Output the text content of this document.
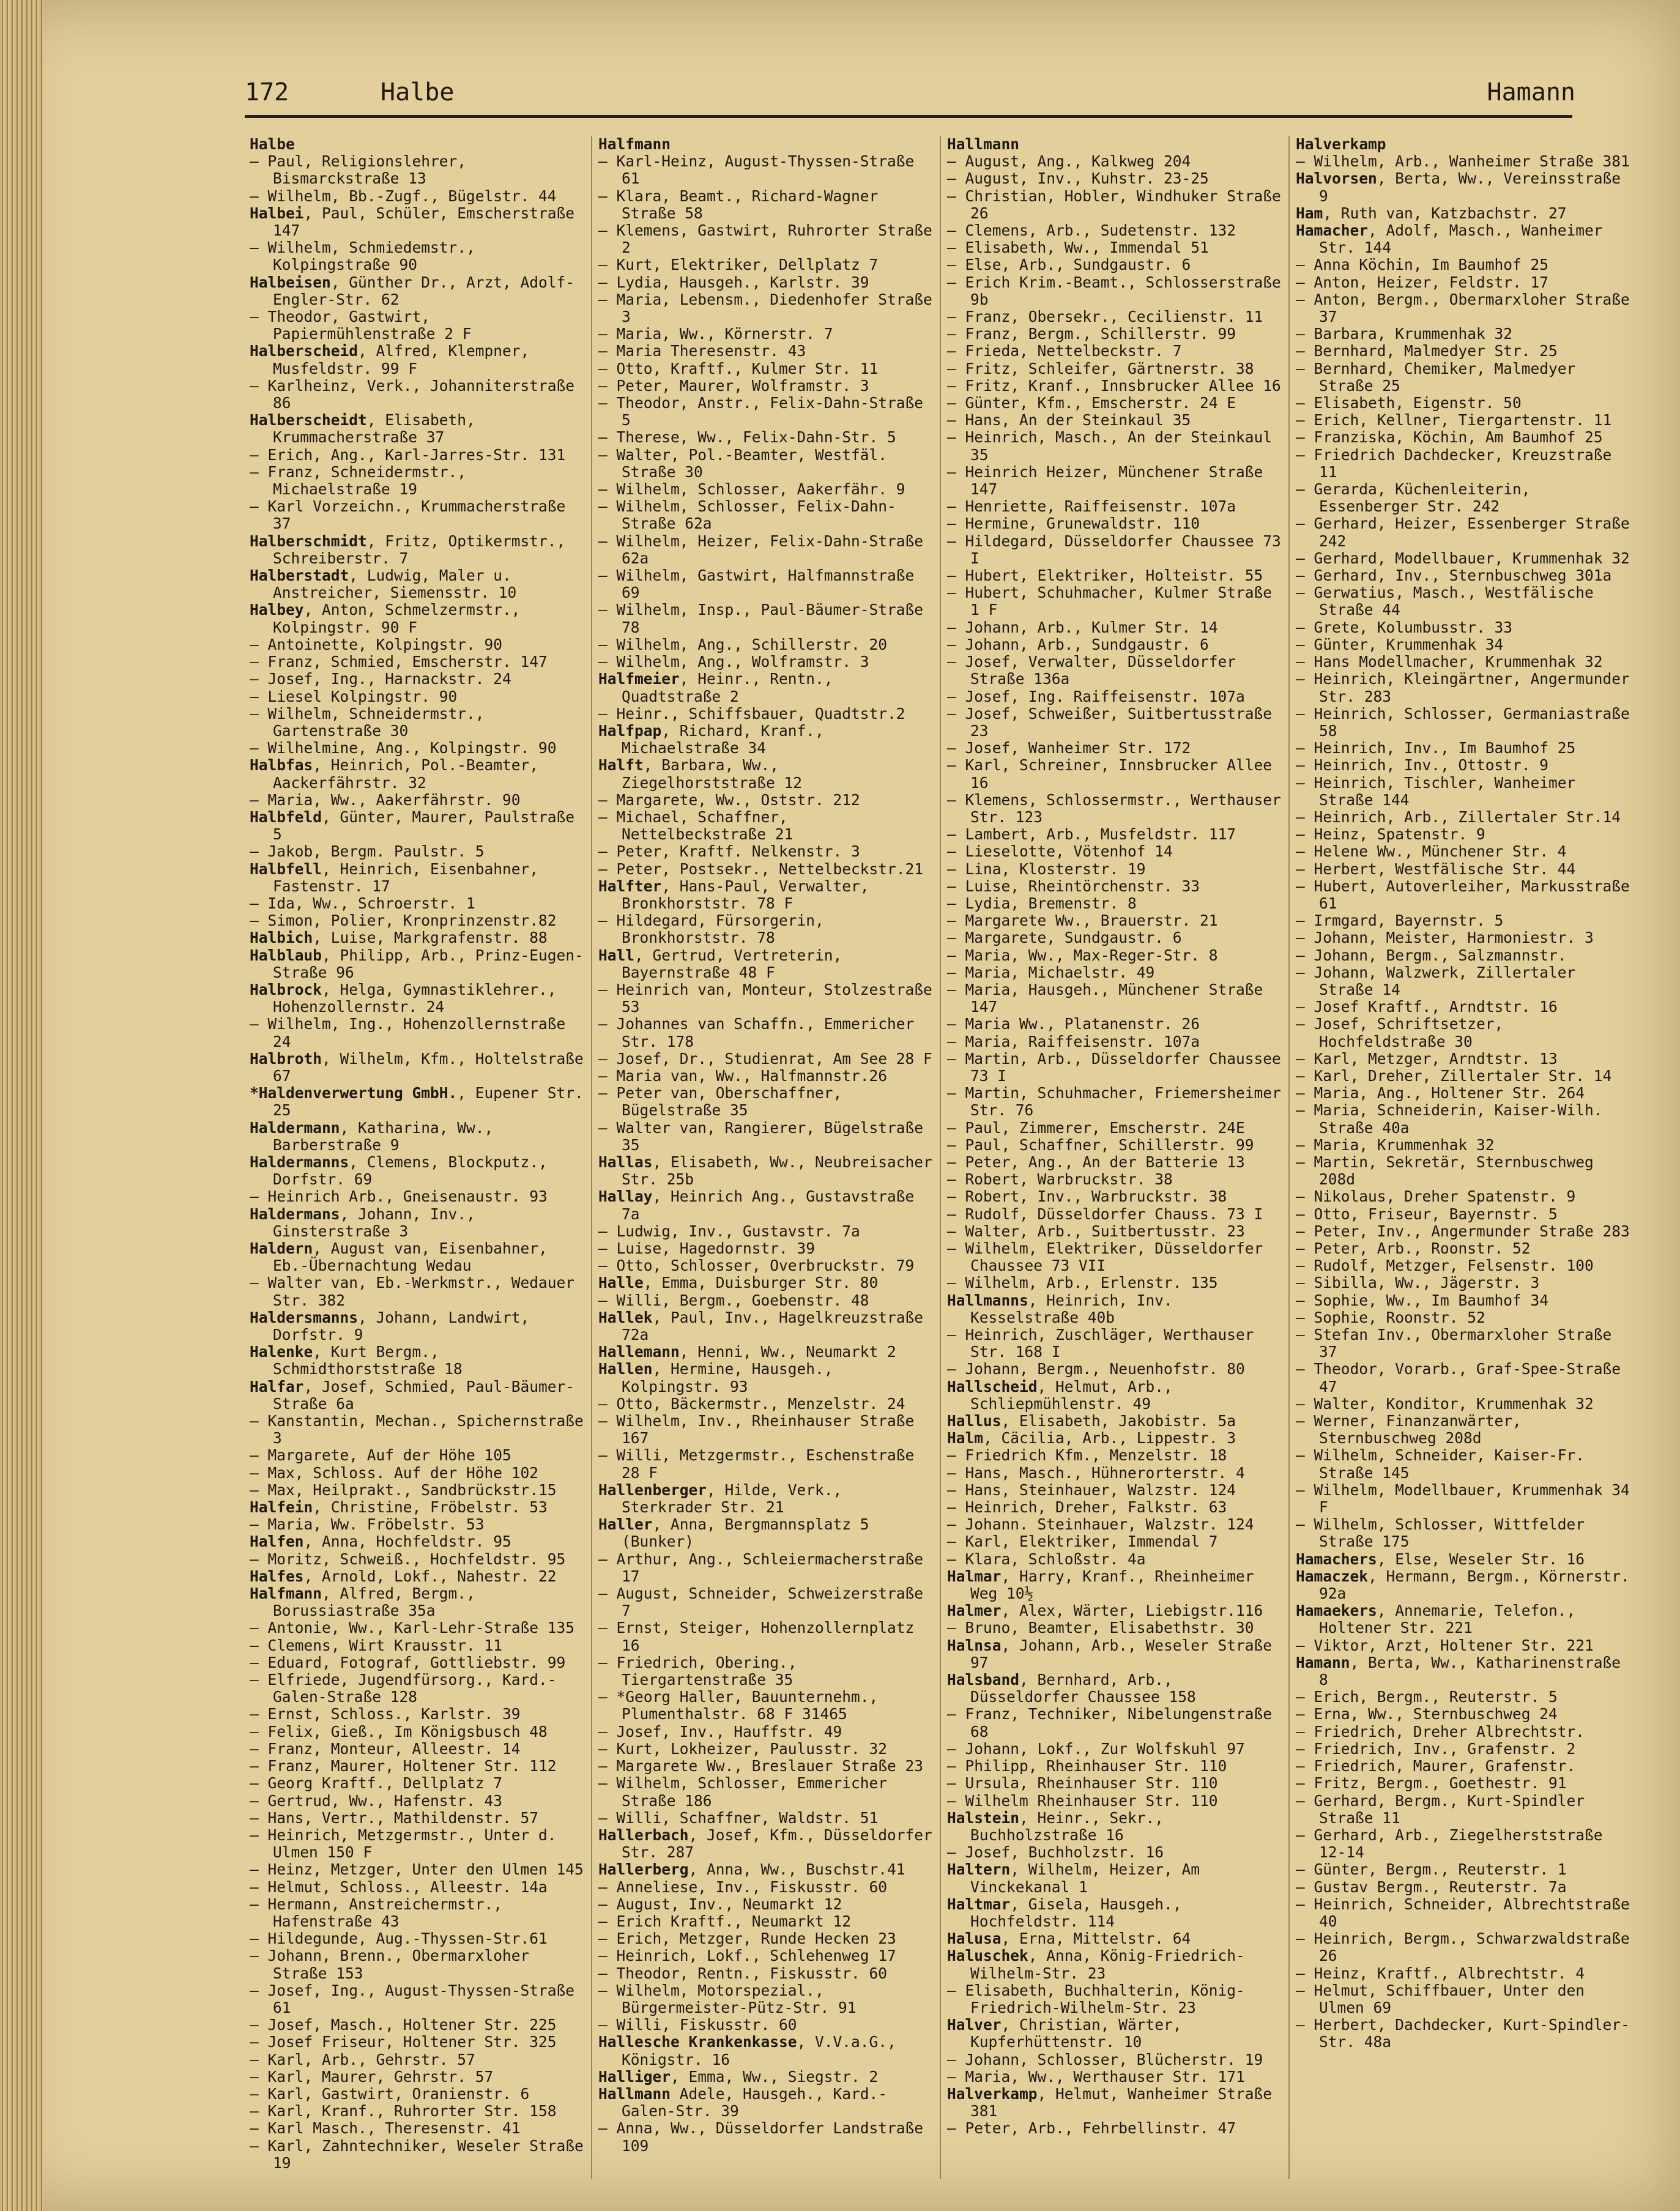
172	Halbe	Hamann
Halbe
— Paul, Religionslehrer, Bismarckstraße 13
— Wilhelm, Bb.-Zugf., Bügelstr. 44
Halbei, Paul, Schüler, Emscherstraße 147
— Wilhelm, Schmiedemstr., Kolpingstraße 90
Halbeisen, Günther Dr., Arzt, Adolf-Engler-Str. 62
— Theodor, Gastwirt, Papiermühlenstraße 2 F
Halberscheid, Alfred, Klempner, Musfeldstr. 99 F
— Karlheinz, Verk., Johanniterstraße 86
Halberscheidt, Elisabeth, Krummacherstraße 37
— Erich, Ang., Karl-Jarres-Str. 131
— Franz, Schneidermstr., Michaelstraße 19
— Karl Vorzeichn., Krummacherstraße 37
Halberschmidt, Fritz, Optikermstr., Schreiberstr. 7
Halberstadt, Ludwig, Maler u. Anstreicher, Siemensstr. 10
Halbey, Anton, Schmelzermstr., Kolpingstr. 90 F
— Antoinette, Kolpingstr. 90
— Franz, Schmied, Emscherstr. 147
— Josef, Ing., Harnackstr. 24
— Liesel Kolpingstr. 90
— Wilhelm, Schneidermstr., Gartenstraße 30
— Wilhelmine, Ang., Kolpingstr. 90
Halbfas, Heinrich, Pol.-Beamter, Aackerfährstr. 32
— Maria, Ww., Aakerfährstr. 90
Halbfeld, Günter, Maurer, Paulstraße 5
— Jakob, Bergm. Paulstr. 5
Halbfell, Heinrich, Eisenbahner, Fastenstr. 17
— Ida, Ww., Schroerstr. 1
— Simon, Polier, Kronprinzenstr.82
Halbich, Luise, Markgrafenstr. 88
Halblaub, Philipp, Arb., Prinz-Eugen-Straße 96
Halbrock, Helga, Gymnastiklehrer., Hohenzollernstr. 24
— Wilhelm, Ing., Hohenzollernstraße 24
Halbroth, Wilhelm, Kfm., Holtelstraße 67
*Haldenverwertung GmbH., Eupener Str. 25
Haldermann, Katharina, Ww., Barberstraße 9
Haldermanns, Clemens, Blockputz., Dorfstr. 69
— Heinrich Arb., Gneisenaustr. 93
Haldermans, Johann, Inv., Ginsterstraße 3
Haldern, August van, Eisenbahner, Eb.-Übernachtung Wedau
— Walter van, Eb.-Werkmstr., Wedauer Str. 382
Haldersmanns, Johann, Landwirt, Dorfstr. 9
Halenke, Kurt Bergm., Schmidthorststraße 18
Halfar, Josef, Schmied, Paul-Bäumer-Straße 6a
— Kanstantin, Mechan., Spichernstraße 3
— Margarete, Auf der Höhe 105
— Max, Schloss. Auf der Höhe 102
— Max, Heilprakt., Sandbrückstr.15
Halfein, Christine, Fröbelstr. 53
— Maria, Ww. Fröbelstr. 53
Halfen, Anna, Hochfeldstr. 95
— Moritz, Schweiß., Hochfeldstr. 95
Halfes, Arnold, Lokf., Nahestr. 22
Halfmann, Alfred, Bergm., Borussiastraße 35a
— Antonie, Ww., Karl-Lehr-Straße 135
— Clemens, Wirt Krausstr. 11
— Eduard, Fotograf, Gottliebstr. 99
— Elfriede, Jugendfürsorg., Kard.-Galen-Straße 128
— Ernst, Schloss., Karlstr. 39
— Felix, Gieß., Im Königsbusch 48
— Franz, Monteur, Alleestr. 14
— Franz, Maurer, Holtener Str. 112
— Georg Kraftf., Dellplatz 7
— Gertrud, Ww., Hafenstr. 43
— Hans, Vertr., Mathildenstr. 57
— Heinrich, Metzgermstr., Unter d. Ulmen 150 F
— Heinz, Metzger, Unter den Ulmen 145
— Helmut, Schloss., Alleestr. 14a
— Hermann, Anstreichermstr., Hafenstraße 43
— Hildegunde, Aug.-Thyssen-Str.61
— Johann, Brenn., Obermarxloher Straße 153
— Josef, Ing., August-Thyssen-Straße 61
— Josef, Masch., Holtener Str. 225
— Josef Friseur, Holtener Str. 325
— Karl, Arb., Gehrstr. 57
— Karl, Maurer, Gehrstr. 57
— Karl, Gastwirt, Oranienstr. 6
— Karl, Kranf., Ruhrorter Str. 158
— Karl Masch., Theresenstr. 41
— Karl, Zahntechniker, Weseler Straße 19
Halfmann
— Karl-Heinz, August-Thyssen-Straße 61
— Klara, Beamt., Richard-Wagner Straße 58
— Klemens, Gastwirt, Ruhrorter Straße 2
— Kurt, Elektriker, Dellplatz 7
— Lydia, Hausgeh., Karlstr. 39
— Maria, Lebensm., Diedenhofer Straße 3
— Maria, Ww., Körnerstr. 7
— Maria Theresenstr. 43
— Otto, Kraftf., Kulmer Str. 11
— Peter, Maurer, Wolframstr. 3
— Theodor, Anstr., Felix-Dahn-Straße 5
— Therese, Ww., Felix-Dahn-Str. 5
— Walter, Pol.-Beamter, Westfäl. Straße 30
— Wilhelm, Schlosser, Aakerfähr. 9
— Wilhelm, Schlosser, Felix-Dahn-Straße 62a
— Wilhelm, Heizer, Felix-Dahn-Straße 62a
— Wilhelm, Gastwirt, Halfmannstraße 69
— Wilhelm, Insp., Paul-Bäumer-Straße 78
— Wilhelm, Ang., Schillerstr. 20
— Wilhelm, Ang., Wolframstr. 3
Halfmeier, Heinr., Rentn., Quadtstraße 2
— Heinr., Schiffsbauer, Quadtstr.2
Halfpap, Richard, Kranf., Michaelstraße 34
Halft, Barbara, Ww., Ziegelhorststraße 12
— Margarete, Ww., Oststr. 212
— Michael, Schaffner, Nettelbeckstraße 21
— Peter, Kraftf. Nelkenstr. 3
— Peter, Postsekr., Nettelbeckstr.21
Halfter, Hans-Paul, Verwalter, Bronkhorststr. 78 F
— Hildegard, Fürsorgerin, Bronkhorststr. 78
Hall, Gertrud, Vertreterin, Bayernstraße 48 F
— Heinrich van, Monteur, Stolzestraße 53
— Johannes van Schaffn., Emmericher Str. 178
— Josef, Dr., Studienrat, Am See 28 F
— Maria van, Ww., Halfmannstr.26
— Peter van, Oberschaffner, Bügelstraße 35
— Walter van, Rangierer, Bügelstraße 35
Hallas, Elisabeth, Ww., Neubreisacher Str. 25b
Hallay, Heinrich Ang., Gustavstraße 7a
— Ludwig, Inv., Gustavstr. 7a
— Luise, Hagedornstr. 39
— Otto, Schlosser, Overbruckstr. 79
Halle, Emma, Duisburger Str. 80
— Willi, Bergm., Goebenstr. 48
Hallek, Paul, Inv., Hagelkreuzstraße 72a
Hallemann, Henni, Ww., Neumarkt 2
Hallen, Hermine, Hausgeh., Kolpingstr. 93
— Otto, Bäckermstr., Menzelstr. 24
— Wilhelm, Inv., Rheinhauser Straße 167
— Willi, Metzgermstr., Eschenstraße 28 F
Hallenberger, Hilde, Verk., Sterkrader Str. 21
Haller, Anna, Bergmannsplatz 5 (Bunker)
— Arthur, Ang., Schleiermacherstraße 17
— August, Schneider, Schweizerstraße 7
— Ernst, Steiger, Hohenzollernplatz 16
— Friedrich, Obering., Tiergartenstraße 35
— *Georg Haller, Bauunternehm., Plumenthalstr. 68 F 31465
— Josef, Inv., Hauffstr. 49
— Kurt, Lokheizer, Paulusstr. 32
— Margarete Ww., Breslauer Straße 23
— Wilhelm, Schlosser, Emmericher Straße 186
— Willi, Schaffner, Waldstr. 51
Hallerbach, Josef, Kfm., Düsseldorfer Str. 287
Hallerberg, Anna, Ww., Buschstr.41
— Anneliese, Inv., Fiskusstr. 60
— August, Inv., Neumarkt 12
— Erich Kraftf., Neumarkt 12
— Erich, Metzger, Runde Hecken 23
— Heinrich, Lokf., Schlehenweg 17
— Theodor, Rentn., Fiskusstr. 60
— Wilhelm, Motorspezial., Bürgermeister-Pütz-Str. 91
— Willi, Fiskusstr. 60
Hallesche Krankenkasse, V.V.a.G., Königstr. 16
Halliger, Emma, Ww., Siegstr. 2
Hallmann Adele, Hausgeh., Kard.-Galen-Str. 39
— Anna, Ww., Düsseldorfer Landstraße 109
Hallmann
— August, Ang., Kalkweg 204
— August, Inv., Kuhstr. 23-25
— Christian, Hobler, Windhuker Straße 26
— Clemens, Arb., Sudetenstr. 132
— Elisabeth, Ww., Immendal 51
— Else, Arb., Sundgaustr. 6
— Erich Krim.-Beamt., Schlosserstraße 9b
— Franz, Obersekr., Cecilienstr. 11
— Franz, Bergm., Schillerstr. 99
— Frieda, Nettelbeckstr. 7
— Fritz, Schleifer, Gärtnerstr. 38
— Fritz, Kranf., Innsbrucker Allee 16
— Günter, Kfm., Emscherstr. 24 E
— Hans, An der Steinkaul 35
— Heinrich, Masch., An der Steinkaul 35
— Heinrich Heizer, Münchener Straße 147
— Henriette, Raiffeisenstr. 107a
— Hermine, Grunewaldstr. 110
— Hildegard, Düsseldorfer Chaussee 73 I
— Hubert, Elektriker, Holteistr. 55
— Hubert, Schuhmacher, Kulmer Straße 1 F
— Johann, Arb., Kulmer Str. 14
— Johann, Arb., Sundgaustr. 6
— Josef, Verwalter, Düsseldorfer Straße 136a
— Josef, Ing. Raiffeisenstr. 107a
— Josef, Schweißer, Suitbertusstraße 23
— Josef, Wanheimer Str. 172
— Karl, Schreiner, Innsbrucker Allee 16
— Klemens, Schlossermstr., Werthauser Str. 123
— Lambert, Arb., Musfeldstr. 117
— Lieselotte, Vötenhof 14
— Lina, Klosterstr. 19
— Luise, Rheintörchenstr. 33
— Lydia, Bremenstr. 8
— Margarete Ww., Brauerstr. 21
— Margarete, Sundgaustr. 6
— Maria, Ww., Max-Reger-Str. 8
— Maria, Michaelstr. 49
— Maria, Hausgeh., Münchener Straße 147
— Maria Ww., Platanenstr. 26
— Maria, Raiffeisenstr. 107a
— Martin, Arb., Düsseldorfer Chaussee 73 I
— Martin, Schuhmacher, Friemersheimer Str. 76
— Paul, Zimmerer, Emscherstr. 24E
— Paul, Schaffner, Schillerstr. 99
— Peter, Ang., An der Batterie 13
— Robert, Warbruckstr. 38
— Robert, Inv., Warbruckstr. 38
— Rudolf, Düsseldorfer Chauss. 73 I
— Walter, Arb., Suitbertusstr. 23
— Wilhelm, Elektriker, Düsseldorfer Chaussee 73 VII
— Wilhelm, Arb., Erlenstr. 135
Hallmanns, Heinrich, Inv. Kesselstraße 40b
— Heinrich, Zuschläger, Werthauser Str. 168 I
— Johann, Bergm., Neuenhofstr. 80
Hallscheid, Helmut, Arb., Schliepmühlenstr. 49
Hallus, Elisabeth, Jakobistr. 5a
Halm, Cäcilia, Arb., Lippestr. 3
— Friedrich Kfm., Menzelstr. 18
— Hans, Masch., Hühnerorterstr. 4
— Hans, Steinhauer, Walzstr. 124
— Heinrich, Dreher, Falkstr. 63
— Johann. Steinhauer, Walzstr. 124
— Karl, Elektriker, Immendal 7
— Klara, Schloßstr. 4a
Halmar, Harry, Kranf., Rheinheimer Weg 10½
Halmer, Alex, Wärter, Liebigstr.116
— Bruno, Beamter, Elisabethstr. 30
Halnsa, Johann, Arb., Weseler Straße 97
Halsband, Bernhard, Arb., Düsseldorfer Chaussee 158
— Franz, Techniker, Nibelungenstraße 68
— Johann, Lokf., Zur Wolfskuhl 97
— Philipp, Rheinhauser Str. 110
— Ursula, Rheinhauser Str. 110
— Wilhelm Rheinhauser Str. 110
Halstein, Heinr., Sekr., Buchholzstraße 16
— Josef, Buchholzstr. 16
Haltern, Wilhelm, Heizer, Am Vinckekanal 1
Haltmar, Gisela, Hausgeh., Hochfeldstr. 114
Halusa, Erna, Mittelstr. 64
Haluschek, Anna, König-Friedrich-Wilhelm-Str. 23
— Elisabeth, Buchhalterin, König-Friedrich-Wilhelm-Str. 23
Halver, Christian, Wärter, Kupferhüttenstr. 10
— Johann, Schlosser, Blücherstr. 19
— Maria, Ww., Werthauser Str. 171
Halverkamp, Helmut, Wanheimer Straße 381
— Peter, Arb., Fehrbellinstr. 47
Halverkamp
— Wilhelm, Arb., Wanheimer Straße 381
Halvorsen, Berta, Ww., Vereinsstraße 9
Ham, Ruth van, Katzbachstr. 27
Hamacher, Adolf, Masch., Wanheimer Str. 144
— Anna Köchin, Im Baumhof 25
— Anton, Heizer, Feldstr. 17
— Anton, Bergm., Obermarxloher Straße 37
— Barbara, Krummenhak 32
— Bernhard, Malmedyer Str. 25
— Bernhard, Chemiker, Malmedyer Straße 25
— Elisabeth, Eigenstr. 50
— Erich, Kellner, Tiergartenstr. 11
— Franziska, Köchin, Am Baumhof 25
— Friedrich Dachdecker, Kreuzstraße 11
— Gerarda, Küchenleiterin, Essenberger Str. 242
— Gerhard, Heizer, Essenberger Straße 242
— Gerhard, Modellbauer, Krummenhak 32
— Gerhard, Inv., Sternbuschweg 301a
— Gerwatius, Masch., Westfälische Straße 44
— Grete, Kolumbusstr. 33
— Günter, Krummenhak 34
— Hans Modellmacher, Krummenhak 32
— Heinrich, Kleingärtner, Angermunder Str. 283
— Heinrich, Schlosser, Germaniastraße 58
— Heinrich, Inv., Im Baumhof 25
— Heinrich, Inv., Ottostr. 9
— Heinrich, Tischler, Wanheimer Straße 144
— Heinrich, Arb., Zillertaler Str.14
— Heinz, Spatenstr. 9
— Helene Ww., Münchener Str. 4
— Herbert, Westfälische Str. 44
— Hubert, Autoverleiher, Markusstraße 61
— Irmgard, Bayernstr. 5
— Johann, Meister, Harmoniestr. 3
— Johann, Bergm., Salzmannstr.
— Johann, Walzwerk, Zillertaler Straße 14
— Josef Kraftf., Arndtstr. 16
— Josef, Schriftsetzer, Hochfeldstraße 30
— Karl, Metzger, Arndtstr. 13
— Karl, Dreher, Zillertaler Str. 14
— Maria, Ang., Holtener Str. 264
— Maria, Schneiderin, Kaiser-Wilh. Straße 40a
— Maria, Krummenhak 32
— Martin, Sekretär, Sternbuschweg 208d
— Nikolaus, Dreher Spatenstr. 9
— Otto, Friseur, Bayernstr. 5
— Peter, Inv., Angermunder Straße 283
— Peter, Arb., Roonstr. 52
— Rudolf, Metzger, Felsenstr. 100
— Sibilla, Ww., Jägerstr. 3
— Sophie, Ww., Im Baumhof 34
— Sophie, Roonstr. 52
— Stefan Inv., Obermarxloher Straße 37
— Theodor, Vorarb., Graf-Spee-Straße 47
— Walter, Konditor, Krummenhak 32
— Werner, Finanzanwärter, Sternbuschweg 208d
— Wilhelm, Schneider, Kaiser-Fr. Straße 145
— Wilhelm, Modellbauer, Krummenhak 34 F
— Wilhelm, Schlosser, Wittfelder Straße 175
Hamachers, Else, Weseler Str. 16
Hamaczek, Hermann, Bergm., Körnerstr. 92a
Hamaekers, Annemarie, Telefon., Holtener Str. 221
— Viktor, Arzt, Holtener Str. 221
Hamann, Berta, Ww., Katharinenstraße 8
— Erich, Bergm., Reuterstr. 5
— Erna, Ww., Sternbuschweg 24
— Friedrich, Dreher Albrechtstr.
— Friedrich, Inv., Grafenstr. 2
— Friedrich, Maurer, Grafenstr.
— Fritz, Bergm., Goethestr. 91
— Gerhard, Bergm., Kurt-Spindler Straße 11
— Gerhard, Arb., Ziegelherststraße 12-14
— Günter, Bergm., Reuterstr. 1
— Gustav Bergm., Reuterstr. 7a
— Heinrich, Schneider, Albrechtstraße 40
— Heinrich, Bergm., Schwarzwaldstraße 26
— Heinz, Kraftf., Albrechtstr. 4
— Helmut, Schiffbauer, Unter den Ulmen 69
— Herbert, Dachdecker, Kurt-Spindler-Str. 48a
